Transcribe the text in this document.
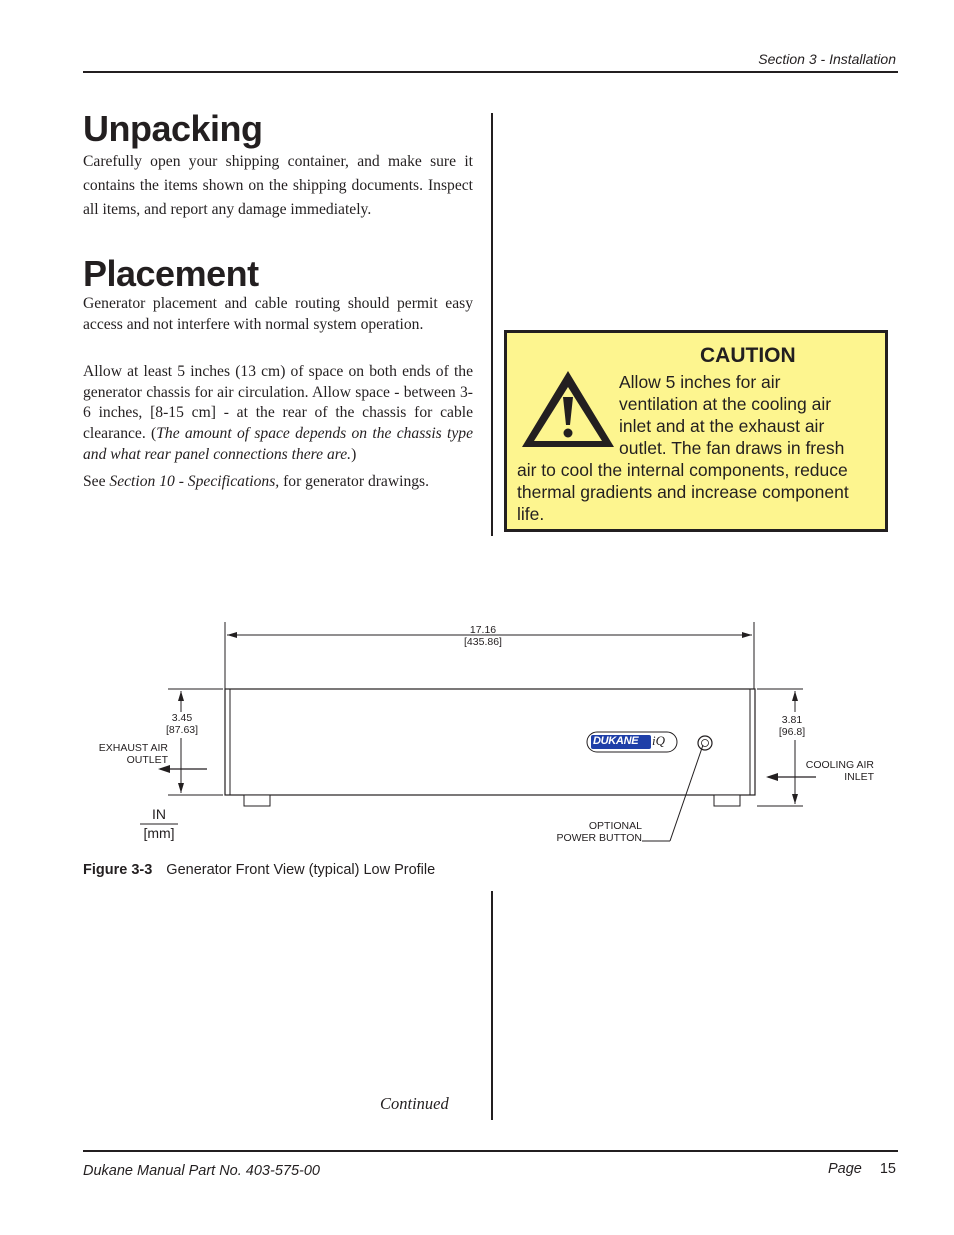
Section 3 - Installation
Unpacking

Carefully open your shipping container, and make sure it contains the items shown on the shipping documents. Inspect all items, and report any damage immediately.

Placement

Generator placement and cable routing should permit easy access and not interfere with normal system operation.

Allow at least 5 inches (13 cm) of space on both ends of the generator chassis for air circulation. Allow space - between 3-6 inches, [8-15 cm] - at the rear of the chassis for cable clearance. (The amount of space depends on the chassis type and what rear panel connections there are.)

See Section 10 - Specifications, for generator drawings.

CAUTION
Allow 5 inches for air ventilation at the cooling air inlet and at the exhaust air outlet. The fan draws in fresh air to cool the internal components, reduce thermal gradients and increase component life.
17.16
[435.86]
3.45
[87.63]
3.81
[96.8]
EXHAUST AIR
OUTLET	COOLING AIR
INLET
OPTIONAL
POWER BUTTON
IN
[mm]
DUKANE iQ
Figure 3-3 Generator Front View (typical) Low Profile
Continued
Dukane Manual Part No. 403-575-00	Page 15
